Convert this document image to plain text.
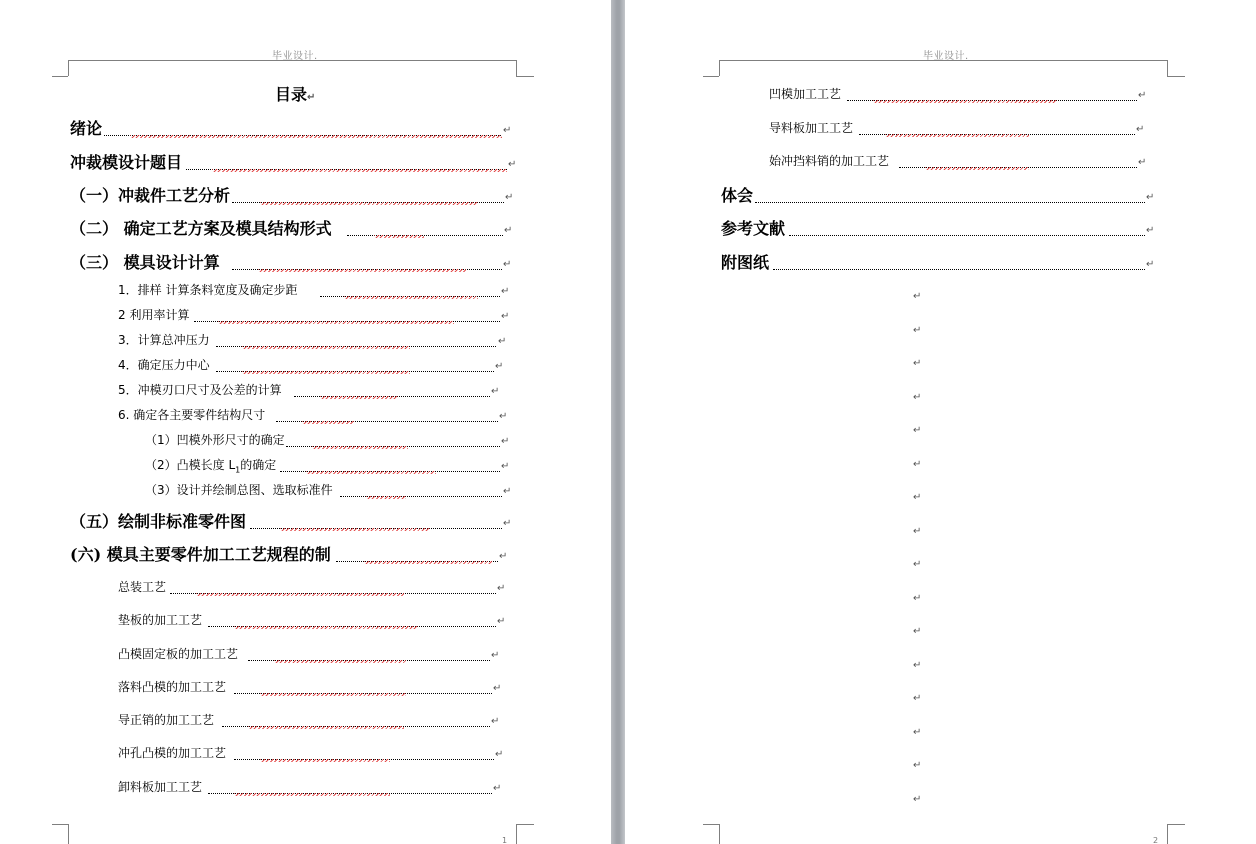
毕业设计.
目录↵
绪论	↵
冲裁模设计题目	↵
（一）冲裁件工艺分析	↵
（二） 确定工艺方案及模具结构形式	↵
（三） 模具设计计算	↵
1．排样 计算条料宽度及确定步距	↵
2 利用率计算	↵
3．计算总冲压力	↵
4．确定压力中心	↵
5．冲模刃口尺寸及公差的计算	↵
6. 确定各主要零件结构尺寸	↵
（1）凹模外形尺寸的确定	↵
（2）凸模长度 $L_1$的确定	↵
（3）设计并绘制总图、选取标准件	↵
（五）绘制非标准零件图	↵
(六) 模具主要零件加工工艺规程的制	↵
总装工艺	↵
垫板的加工工艺	↵
凸模固定板的加工工艺	↵
落料凸模的加工工艺	↵
导正销的加工工艺	↵
冲孔凸模的加工工艺	↵
卸料板加工工艺	↵
1
毕业设计.
凹模加工工艺	↵
导料板加工工艺	↵
始冲挡料销的加工工艺	↵
体会	↵
参考文献	↵
附图纸	↵
↵
↵
↵
↵
↵
↵
↵
↵
↵
↵
↵
↵
↵
↵
↵
↵
2
